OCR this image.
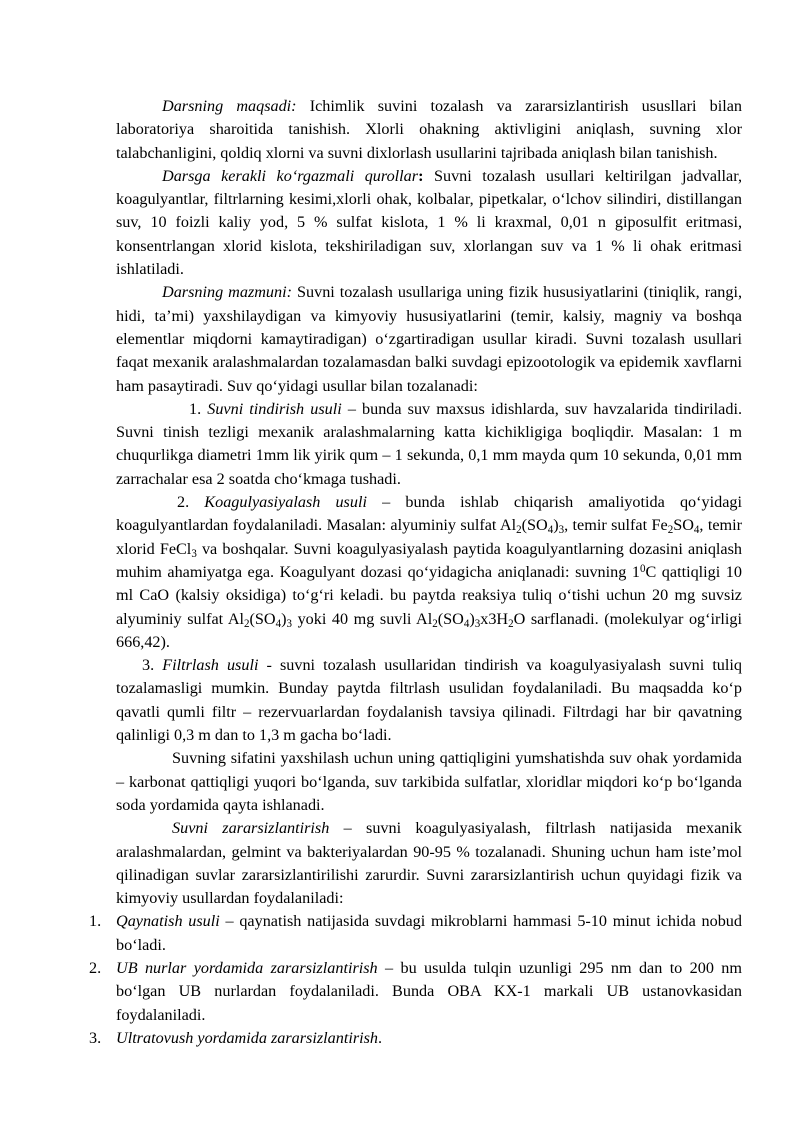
Darsning maqsadi: Ichimlik suvini tozalash va zararsizlantirish ususllari bilan laboratoriya sharoitida tanishish. Xlorli ohakning aktivligini aniqlash, suvning xlor talabchanligini, qoldiq xlorni va suvni dixlorlash usullarini tajribada aniqlash bilan tanishish.

Darsga kerakli ko‘rgazmali qurollar: Suvni tozalash usullari keltirilgan jadvallar, koagulyantlar, filtrlarning kesimi,xlorli ohak, kolbalar, pipetkalar, o‘lchov silindiri, distillangan suv, 10 foizli kaliy yod, 5 % sulfat kislota, 1 % li kraxmal, 0,01 n giposulfit eritmasi, konsentrlangan xlorid kislota, tekshiriladigan suv, xlorlangan suv va 1 % li ohak eritmasi ishlatiladi.

Darsning mazmuni: Suvni tozalash usullariga uning fizik hususiyatlarini (tiniqlik, rangi, hidi, ta’mi) yaxshilaydigan va kimyoviy hususiyatlarini (temir, kalsiy, magniy va boshqa elementlar miqdorni kamaytiradigan) o‘zgartiradigan usullar kiradi. Suvni tozalash usullari faqat mexanik aralashmalardan tozalamasdan balki suvdagi epizootologik va epidemik xavflarni ham pasaytiradi. Suv qo‘yidagi usullar bilan tozalanadi:

1. Suvni tindirish usuli – bunda suv maxsus idishlarda, suv havzalarida tindiriladi. Suvni tinish tezligi mexanik aralashmalarning katta kichikligiga boqliqdir. Masalan: 1 m chuqurlikga diametri 1mm lik yirik qum – 1 sekunda, 0,1 mm mayda qum 10 sekunda, 0,01 mm zarrachalar esa 2 soatda cho‘kmaga tushadi.

2. Koagulyasiyalash usuli – bunda ishlab chiqarish amaliyotida qo‘yidagi koagulyantlardan foydalaniladi. Masalan: alyuminiy sulfat $Al_2(SO_4)_3$, temir sulfat $Fe_2SO_4$, temir xlorid FeCl$_3$ va boshqalar. Suvni koagulyasiyalash paytida koagulyantlarning dozasini aniqlash muhim ahamiyatga ega. Koagulyant dozasi qo‘yidagicha aniqlanadi: suvning $1^0C$ qattiqligi 10 ml CaO (kalsiy oksidiga) to‘g‘ri keladi. bu paytda reaksiya tuliq o‘tishi uchun 20 mg suvsiz alyuminiy sulfat $Al_2(SO_4)_3$ yoki 40 mg suvli $Al_2(SO_4)_3x3H_2O$ sarflanadi. (molekulyar og‘irligi 666,42).

3. Filtrlash usuli - suvni tozalash usullaridan tindirish va koagulyasiyalash suvni tuliq tozalamasligi mumkin. Bunday paytda filtrlash usulidan foydalaniladi. Bu maqsadda ko‘p qavatli qumli filtr – rezervuarlardan foydalanish tavsiya qilinadi. Filtrdagi har bir qavatning qalinligi 0,3 m dan to 1,3 m gacha bo‘ladi.

Suvning sifatini yaxshilash uchun uning qattiqligini yumshatishda suv ohak yordamida – karbonat qattiqligi yuqori bo‘lganda, suv tarkibida sulfatlar, xloridlar miqdori ko‘p bo‘lganda soda yordamida qayta ishlanadi.

Suvni zararsizlantirish – suvni koagulyasiyalash, filtrlash natijasida mexanik aralashmalardan, gelmint va bakteriyalardan 90-95 % tozalanadi. Shuning uchun ham iste’mol qilinadigan suvlar zararsizlantirilishi zarurdir. Suvni zararsizlantirish uchun quyidagi fizik va kimyoviy usullardan foydalaniladi:

1. Qaynatish usuli – qaynatish natijasida suvdagi mikroblarni hammasi 5-10 minut ichida nobud bo‘ladi.
2. UB nurlar yordamida zararsizlantirish – bu usulda tulqin uzunligi 295 nm dan to 200 nm bo‘lgan UB nurlardan foydalaniladi. Bunda OBA KX-1 markali UB ustanovkasidan foydalaniladi.
3. Ultratovush yordamida zararsizlantirish.
